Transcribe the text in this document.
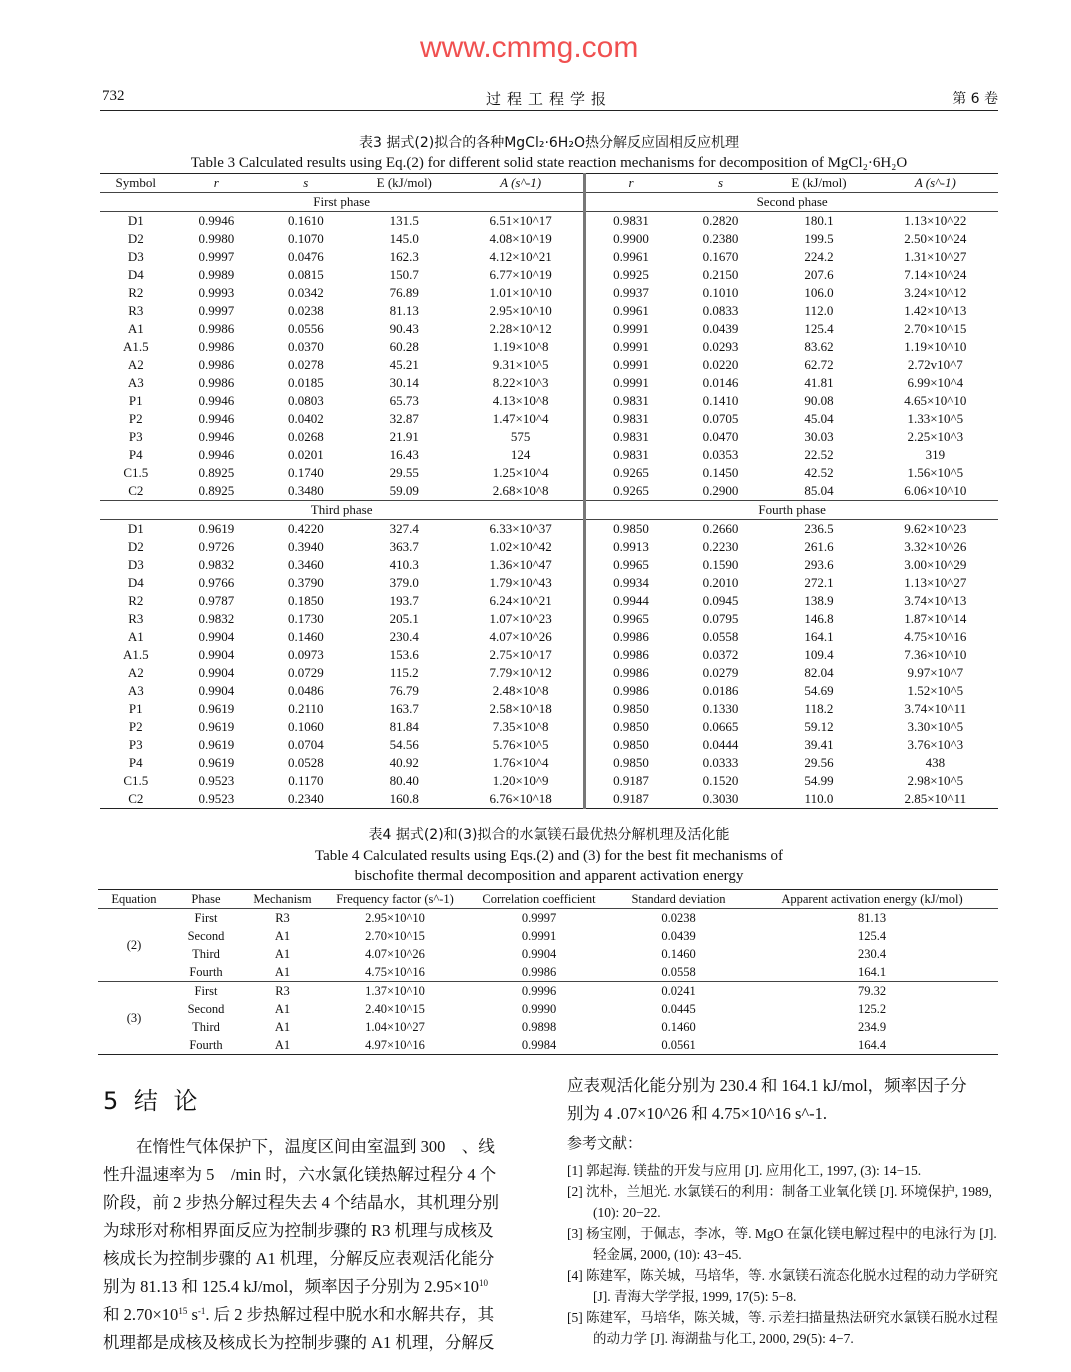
www.cmmg.com
732	过程工程学报	第 6 卷
表3 据式(2)拟合的各种MgCl₂·6H₂O热分解反应固相反应机理
Table 3 Calculated results using Eq.(2) for different solid state reaction mechanisms for decomposition of MgCl₂·6H₂O
Symbol	r	s	E (kJ/mol)	A (s^-1)	r	s	E (kJ/mol)	A (s^-1)
First phase					Second phase			
D1	0.9946	0.1610	131.5	6.51×10^17	0.9831	0.2820	180.1	1.13×10^22
D2	0.9980	0.1070	145.0	4.08×10^19	0.9900	0.2380	199.5	2.50×10^24
D3	0.9997	0.0476	162.3	4.12×10^21	0.9961	0.1670	224.2	1.31×10^27
D4	0.9989	0.0815	150.7	6.77×10^19	0.9925	0.2150	207.6	7.14×10^24
R2	0.9993	0.0342	76.89	1.01×10^10	0.9937	0.1010	106.0	3.24×10^12
R3	0.9997	0.0238	81.13	2.95×10^10	0.9961	0.0833	112.0	1.42×10^13
A1	0.9986	0.0556	90.43	2.28×10^12	0.9991	0.0439	125.4	2.70×10^15
A1.5	0.9986	0.0370	60.28	1.19×10^8	0.9991	0.0293	83.62	1.19×10^10
A2	0.9986	0.0278	45.21	9.31×10^5	0.9991	0.0220	62.72	2.72v10^7
A3	0.9986	0.0185	30.14	8.22×10^3	0.9991	0.0146	41.81	6.99×10^4
P1	0.9946	0.0803	65.73	4.13×10^8	0.9831	0.1410	90.08	4.65×10^10
P2	0.9946	0.0402	32.87	1.47×10^4	0.9831	0.0705	45.04	1.33×10^5
P3	0.9946	0.0268	21.91	575	0.9831	0.0470	30.03	2.25×10^3
P4	0.9946	0.0201	16.43	124	0.9831	0.0353	22.52	319
C1.5	0.8925	0.1740	29.55	1.25×10^4	0.9265	0.1450	42.52	1.56×10^5
C2	0.8925	0.3480	59.09	2.68×10^8	0.9265	0.2900	85.04	6.06×10^10
Third phase					Fourth phase			
D1	0.9619	0.4220	327.4	6.33×10^37	0.9850	0.2660	236.5	9.62×10^23
D2	0.9726	0.3940	363.7	1.02×10^42	0.9913	0.2230	261.6	3.32×10^26
D3	0.9832	0.3460	410.3	1.36×10^47	0.9965	0.1590	293.6	3.00×10^29
D4	0.9766	0.3790	379.0	1.79×10^43	0.9934	0.2010	272.1	1.13×10^27
R2	0.9787	0.1850	193.7	6.24×10^21	0.9944	0.0945	138.9	3.74×10^13
R3	0.9832	0.1730	205.1	1.07×10^23	0.9965	0.0795	146.8	1.87×10^14
A1	0.9904	0.1460	230.4	4.07×10^26	0.9986	0.0558	164.1	4.75×10^16
A1.5	0.9904	0.0973	153.6	2.75×10^17	0.9986	0.0372	109.4	7.36×10^10
A2	0.9904	0.0729	115.2	7.79×10^12	0.9986	0.0279	82.04	9.97×10^7
A3	0.9904	0.0486	76.79	2.48×10^8	0.9986	0.0186	54.69	1.52×10^5
P1	0.9619	0.2110	163.7	2.58×10^18	0.9850	0.1330	118.2	3.74×10^11
P2	0.9619	0.1060	81.84	7.35×10^8	0.9850	0.0665	59.12	3.30×10^5
P3	0.9619	0.0704	54.56	5.76×10^5	0.9850	0.0444	39.41	3.76×10^3
P4	0.9619	0.0528	40.92	1.76×10^4	0.9850	0.0333	29.56	438
C1.5	0.9523	0.1170	80.40	1.20×10^9	0.9187	0.1520	54.99	2.98×10^5
C2	0.9523	0.2340	160.8	6.76×10^18	0.9187	0.3030	110.0	2.85×10^11
表4 据式(2)和(3)拟合的水氯镁石最优热分解机理及活化能
Table 4 Calculated results using Eqs.(2) and (3) for the best fit mechanisms of
bischofite thermal decomposition and apparent activation energy
Equation	Phase	Mechanism	Frequency factor (s^-1)	Correlation coefficient	Standard deviation	Apparent activation energy (kJ/mol)
(2)	First	R3	2.95×10^10	0.9997	0.0238	81.13
	Second	A1	2.70×10^15	0.9991	0.0439	125.4
	Third	A1	4.07×10^26	0.9904	0.1460	230.4
	Fourth	A1	4.75×10^16	0.9986	0.0558	164.1
(3)	First	R3	1.37×10^10	0.9996	0.0241	79.32
	Second	A1	2.40×10^15	0.9990	0.0445	125.2
	Third	A1	1.04×10^27	0.9898	0.1460	234.9
	Fourth	A1	4.97×10^16	0.9984	0.0561	164.4
5 结 论
　　在惰性气体保护下，温度区间由室温到 300　、线
性升温速率为 5　/min 时，六水氯化镁热解过程分 4 个
阶段，前 2 步热分解过程失去 4 个结晶水，其机理分别
为球形对称相界面反应为控制步骤的 R3 机理与成核及
核成长为控制步骤的 A1 机理，分解反应表观活化能分
别为 81.13 和 125.4 kJ/mol，频率因子分别为 $2.95\times 10^{10}$
和 $2.70\times 10^{15}$ $s^{-1}$. 后 2 步热解过程中脱水和水解共存，其
机理都是成核及核成长为控制步骤的 A1 机理，分解反
应表观活化能分别为 230.4 和 164.1 kJ/mol，频率因子分
别为 4 .07×10^26 和 4.75×10^16 s^-1.
参考文献：
[1] 郭起海. 镁盐的开发与应用 [J]. 应用化工, 1997, (3): 14−15.
[2] 沈朴，兰旭光. 水氯镁石的利用：制备工业氧化镁 [J]. 环境保护, 1989, (10): 20−22.
[3] 杨宝刚，于佩志，李冰，等. MgO 在氯化镁电解过程中的电泳行为 [J]. 轻金属, 2000, (10): 43−45.
[4] 陈建军，陈关城，马培华，等. 水氯镁石流态化脱水过程的动力学研究 [J]. 青海大学学报, 1999, 17(5): 5−8.
[5] 陈建军，马培华，陈关城，等. 示差扫描量热法研究水氯镁石脱水过程的动力学 [J]. 海湖盐与化工, 2000, 29(5): 4−7.
